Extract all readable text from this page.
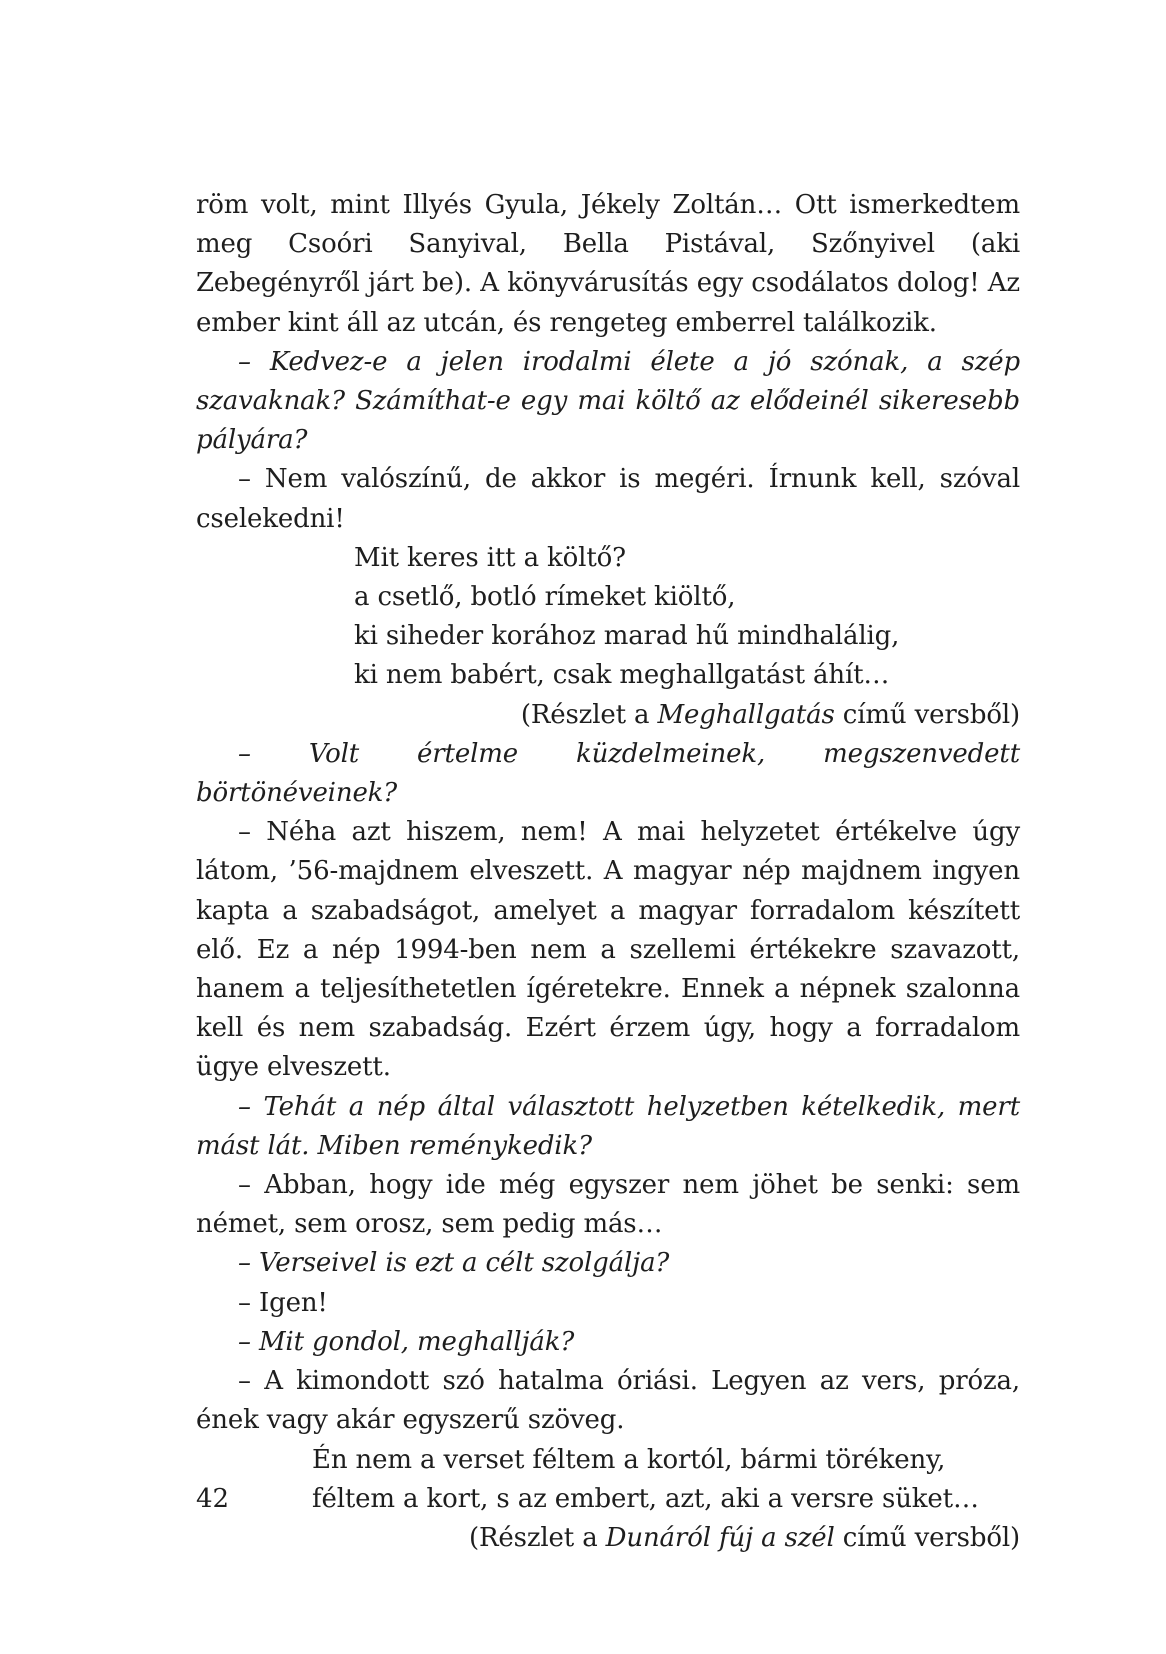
röm volt, mint Illyés Gyula, Jékely Zoltán… Ott ismerkedtem meg Csoóri Sanyival, Bella Pistával, Szőnyivel (aki Zebegényről járt be). A könyvárusítás egy csodálatos dolog! Az ember kint áll az utcán, és rengeteg emberrel találkozik.

– Kedvez-e a jelen irodalmi élete a jó szónak, a szép szavaknak? Számíthat-e egy mai költő az elődeinél sikeresebb pályára?

– Nem valószínű, de akkor is megéri. Írnunk kell, szóval cselekedni!

Mit keres itt a költő?
a csetlő, botló rímeket kiöltő,
ki siheder korához marad hű mindhalálig,
ki nem babért, csak meghallgatást áhít…

(Részlet a Meghallgatás című versből)

– Volt értelme küzdelmeinek, megszenvedett börtönéveinek?

– Néha azt hiszem, nem! A mai helyzetet értékelve úgy látom, ’56-majdnem elveszett. A magyar nép majdnem ingyen kapta a szabadságot, amelyet a magyar forradalom készített elő. Ez a nép 1994-ben nem a szellemi értékekre szavazott, hanem a teljesíthetetlen ígéretekre. Ennek a népnek szalonna kell és nem szabadság. Ezért érzem úgy, hogy a forradalom ügye elveszett.

– Tehát a nép által választott helyzetben kételkedik, mert mást lát. Miben reménykedik?

– Abban, hogy ide még egyszer nem jöhet be senki: sem német, sem orosz, sem pedig más…

– Verseivel is ezt a célt szolgálja?

– Igen!

– Mit gondol, meghallják?

– A kimondott szó hatalma óriási. Legyen az vers, próza, ének vagy akár egyszerű szöveg.

Én nem a verset féltem a kortól, bármi törékeny,
féltem a kort, s az embert, azt, aki a versre süket…

(Részlet a Dunáról fúj a szél című versből)

42
